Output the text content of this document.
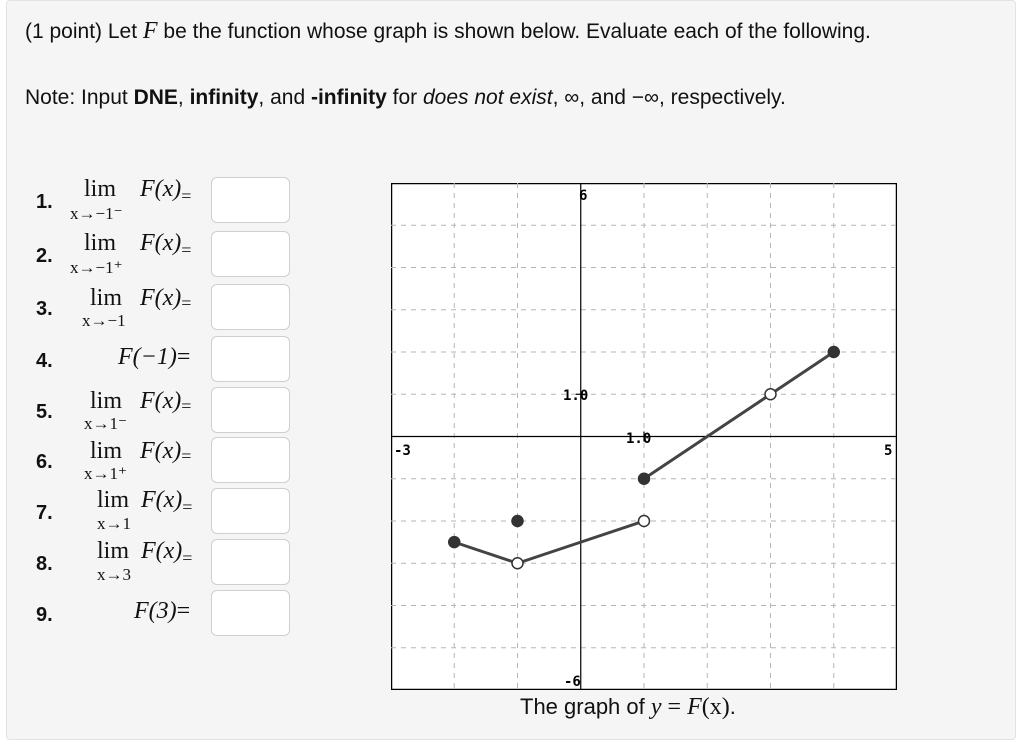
(1 point) Let F be the function whose graph is shown below. Evaluate each of the following.
Note: Input DNE, infinity, and -infinity for does not exist, ∞, and −∞, respectively.
1. $\lim F(x)_=$
x→−1⁻
2. $\lim F(x)_=$
x→−1⁺
3. lim F(x)=
x→−1
4.	F(−1)=
5. lim F(x)=
x→1⁻
6. lim F(x)=
x→1⁺
7. $\lim F(x)_=$
x→1
8. $\lim F(x)_=$
x→3
9.	F(3)=
6
-6
-3	5
1.0
1.0
The graph of y = F(x).
